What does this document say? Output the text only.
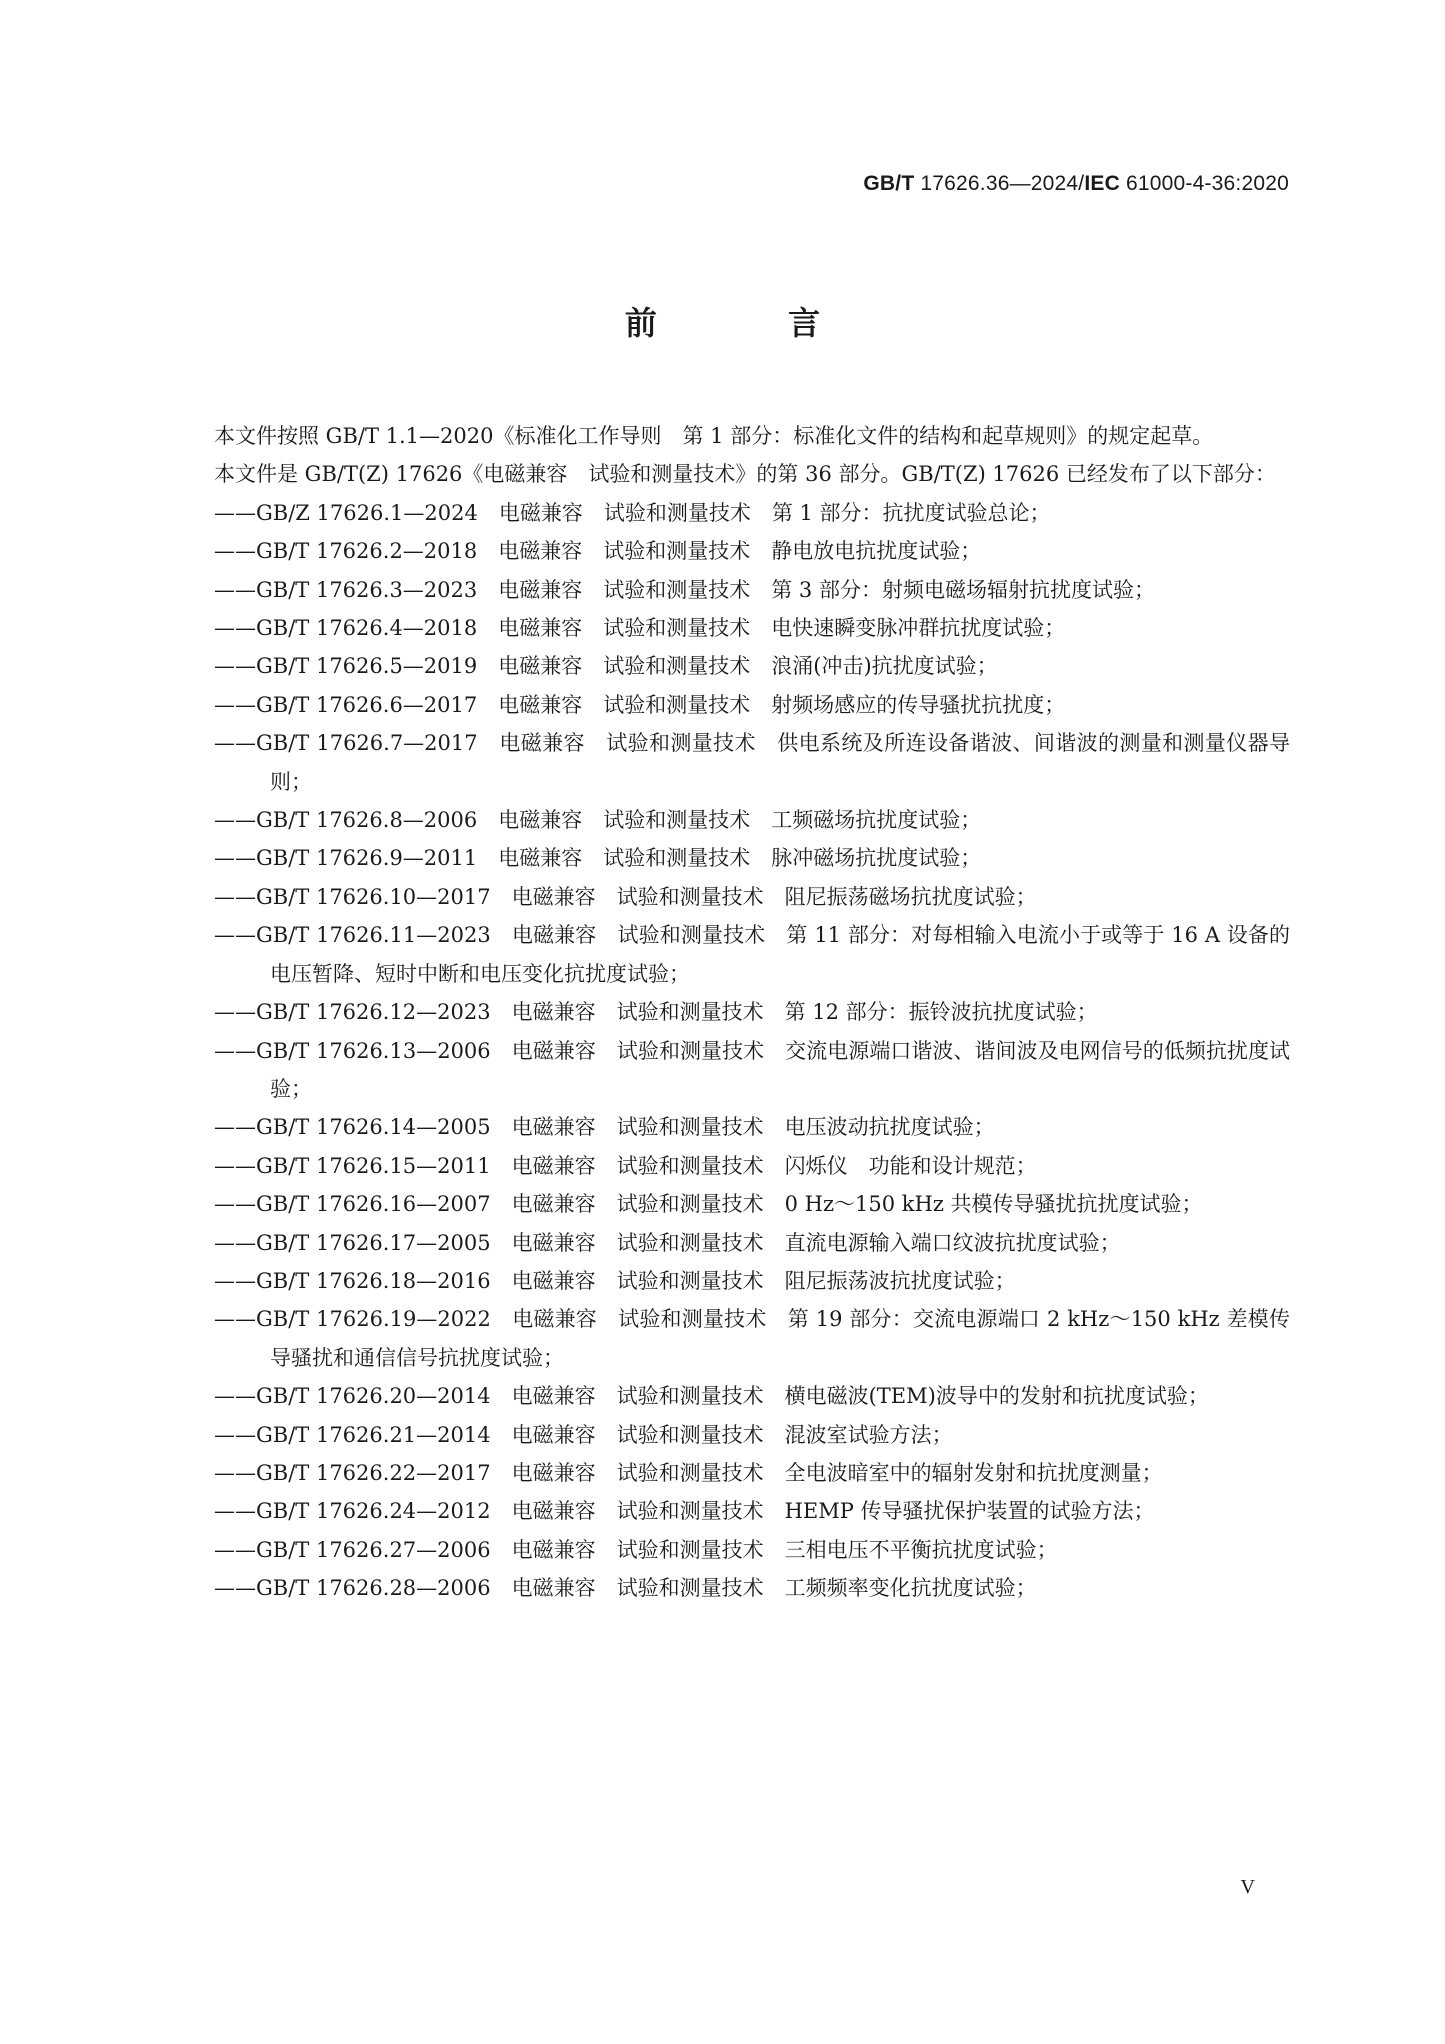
GB/T 17626.36—2024/IEC 61000-4-36:2020
前 言

本文件按照 GB/T 1.1—2020《标准化工作导则　第 1 部分：标准化文件的结构和起草规则》的规定起草。

本文件是 GB/T(Z) 17626《电磁兼容　试验和测量技术》的第 36 部分。GB/T(Z) 17626 已经发布了以下部分：

——GB/Z 17626.1—2024　电磁兼容　试验和测量技术　第 1 部分：抗扰度试验总论；

——GB/T 17626.2—2018　电磁兼容　试验和测量技术　静电放电抗扰度试验；

——GB/T 17626.3—2023　电磁兼容　试验和测量技术　第 3 部分：射频电磁场辐射抗扰度试验；

——GB/T 17626.4—2018　电磁兼容　试验和测量技术　电快速瞬变脉冲群抗扰度试验；

——GB/T 17626.5—2019　电磁兼容　试验和测量技术　浪涌(冲击)抗扰度试验；

——GB/T 17626.6—2017　电磁兼容　试验和测量技术　射频场感应的传导骚扰抗扰度；

——GB/T 17626.7—2017　电磁兼容　试验和测量技术　供电系统及所连设备谐波、间谐波的测量和测量仪器导则；

——GB/T 17626.8—2006　电磁兼容　试验和测量技术　工频磁场抗扰度试验；

——GB/T 17626.9—2011　电磁兼容　试验和测量技术　脉冲磁场抗扰度试验；

——GB/T 17626.10—2017　电磁兼容　试验和测量技术　阻尼振荡磁场抗扰度试验；

——GB/T 17626.11—2023　电磁兼容　试验和测量技术　第 11 部分：对每相输入电流小于或等于 16 A 设备的电压暂降、短时中断和电压变化抗扰度试验；

——GB/T 17626.12—2023　电磁兼容　试验和测量技术　第 12 部分：振铃波抗扰度试验；

——GB/T 17626.13—2006　电磁兼容　试验和测量技术　交流电源端口谐波、谐间波及电网信号的低频抗扰度试验；

——GB/T 17626.14—2005　电磁兼容　试验和测量技术　电压波动抗扰度试验；

——GB/T 17626.15—2011　电磁兼容　试验和测量技术　闪烁仪　功能和设计规范；

——GB/T 17626.16—2007　电磁兼容　试验和测量技术　0 Hz～150 kHz 共模传导骚扰抗扰度试验；

——GB/T 17626.17—2005　电磁兼容　试验和测量技术　直流电源输入端口纹波抗扰度试验；

——GB/T 17626.18—2016　电磁兼容　试验和测量技术　阻尼振荡波抗扰度试验；

——GB/T 17626.19—2022　电磁兼容　试验和测量技术　第 19 部分：交流电源端口 2 kHz～150 kHz 差模传导骚扰和通信信号抗扰度试验；

——GB/T 17626.20—2014　电磁兼容　试验和测量技术　横电磁波(TEM)波导中的发射和抗扰度试验；

——GB/T 17626.21—2014　电磁兼容　试验和测量技术　混波室试验方法；

——GB/T 17626.22—2017　电磁兼容　试验和测量技术　全电波暗室中的辐射发射和抗扰度测量；

——GB/T 17626.24—2012　电磁兼容　试验和测量技术　HEMP 传导骚扰保护装置的试验方法；

——GB/T 17626.27—2006　电磁兼容　试验和测量技术　三相电压不平衡抗扰度试验；

——GB/T 17626.28—2006　电磁兼容　试验和测量技术　工频频率变化抗扰度试验；

V
